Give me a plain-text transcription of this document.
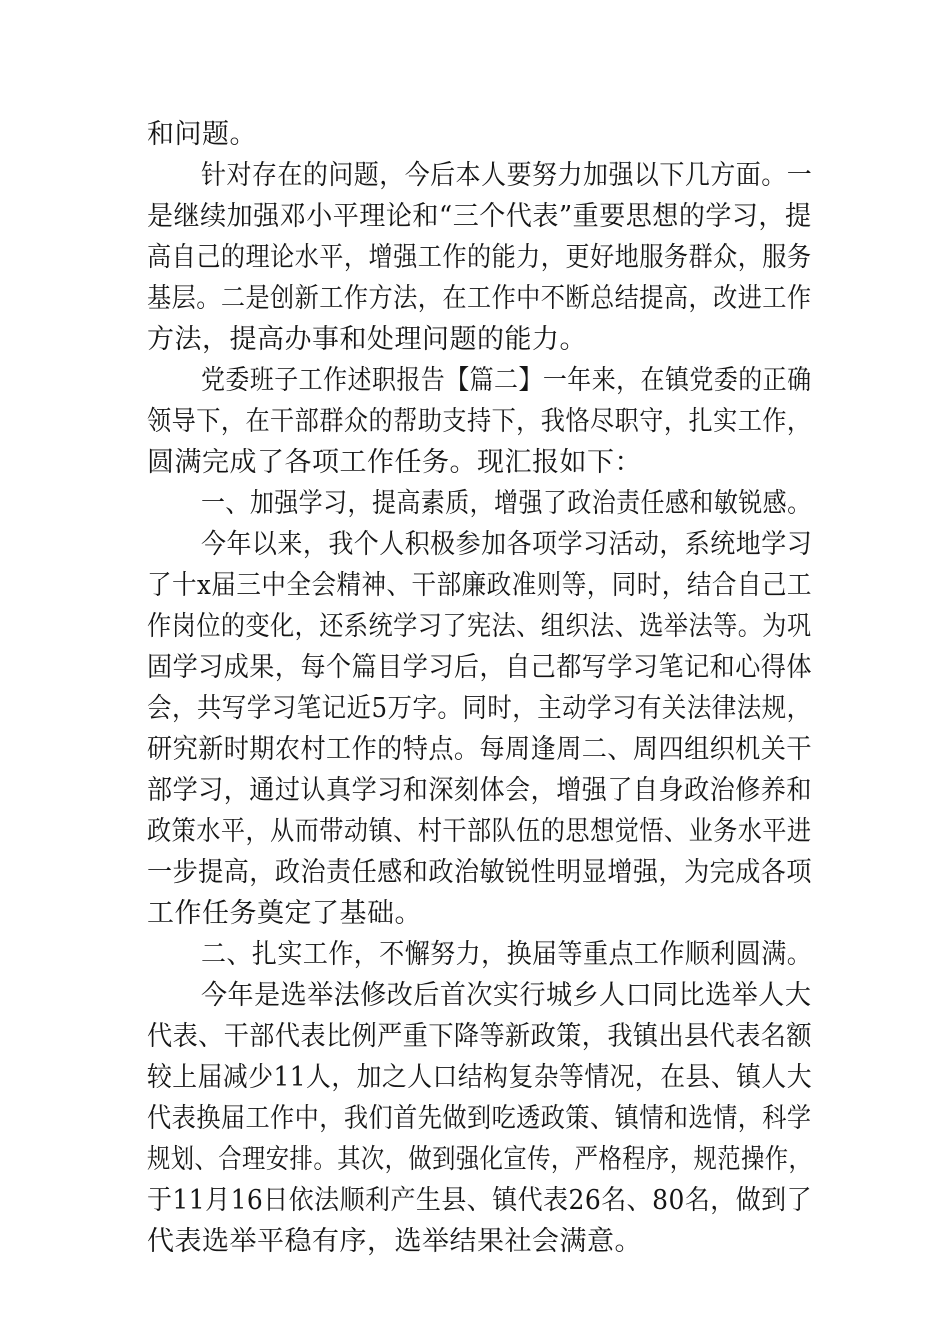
和问题。
针对存在的问题，今后本人要努力加强以下几方面。一
是继续加强邓小平理论和“三个代表”重要思想的学习，提
高自己的理论水平，增强工作的能力，更好地服务群众，服务
基层。二是创新工作方法，在工作中不断总结提高，改进工作
方法，提高办事和处理问题的能力。
党委班子工作述职报告【篇二】一年来，在镇党委的正确
领导下，在干部群众的帮助支持下，我恪尽职守，扎实工作，
圆满完成了各项工作任务。现汇报如下：
一、加强学习，提高素质，增强了政治责任感和敏锐感。
今年以来，我个人积极参加各项学习活动，系统地学习
了十x届三中全会精神、干部廉政准则等，同时，结合自己工
作岗位的变化，还系统学习了宪法、组织法、选举法等。为巩
固学习成果，每个篇目学习后，自己都写学习笔记和心得体
会，共写学习笔记近5万字。同时，主动学习有关法律法规，
研究新时期农村工作的特点。每周逢周二、周四组织机关干
部学习，通过认真学习和深刻体会，增强了自身政治修养和
政策水平，从而带动镇、村干部队伍的思想觉悟、业务水平进
一步提高，政治责任感和政治敏锐性明显增强，为完成各项
工作任务奠定了基础。
二、扎实工作，不懈努力，换届等重点工作顺利圆满。
今年是选举法修改后首次实行城乡人口同比选举人大
代表、干部代表比例严重下降等新政策，我镇出县代表名额
较上届减少11人，加之人口结构复杂等情况，在县、镇人大
代表换届工作中，我们首先做到吃透政策、镇情和选情，科学
规划、合理安排。其次，做到强化宣传，严格程序，规范操作，
于11月16日依法顺利产生县、镇代表26名、80名，做到了
代表选举平稳有序，选举结果社会满意。
